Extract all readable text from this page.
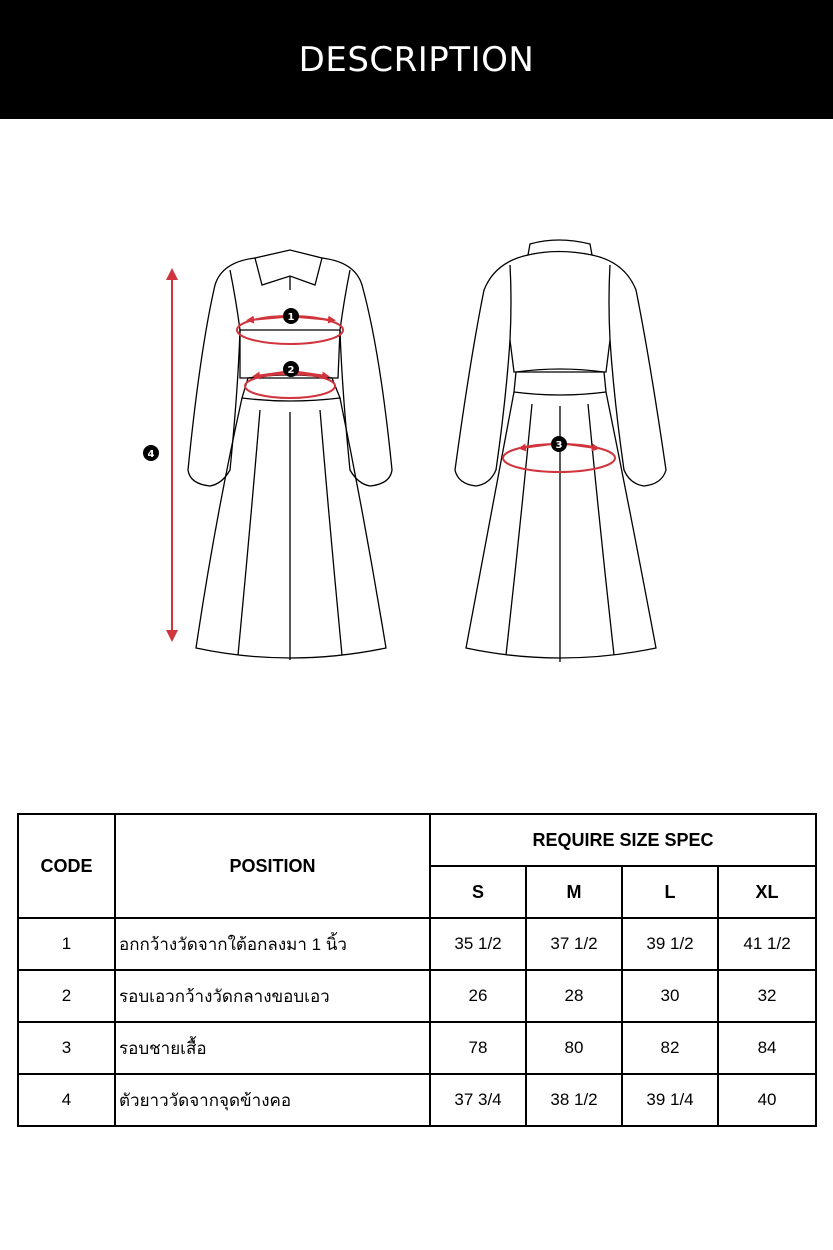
DESCRIPTION
1
2
3
4
CODE	POSITION	REQUIRE SIZE SPEC			
		S	M	L	XL
1	อกกว้างวัดจากใต้อกลงมา 1 นิ้ว	35 1/2	37 1/2	39 1/2	41 1/2
2	รอบเอวกว้างวัดกลางขอบเอว	26	28	30	32
3	รอบชายเสื้อ	78	80	82	84
4	ตัวยาววัดจากจุดข้างคอ	37 3/4	38 1/2	39 1/4	40
